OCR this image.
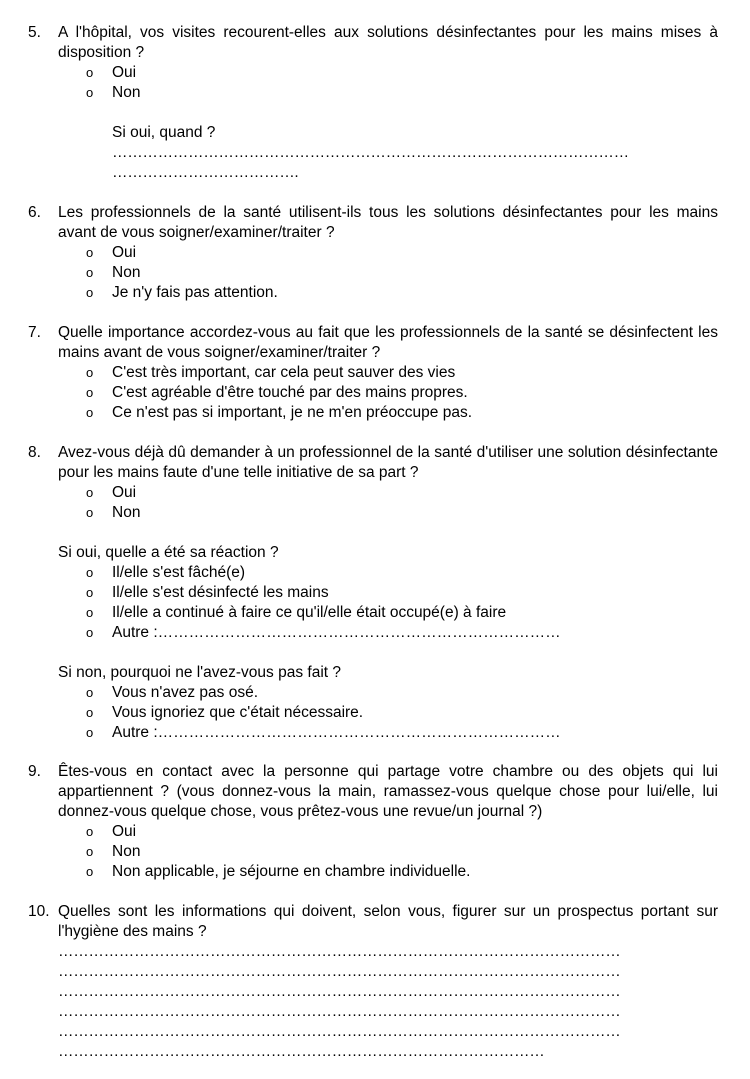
5.	A l'hôpital, vos visites recourent-elles aux solutions désinfectantes pour les mains mises à disposition ?
o	Oui
o	Non
Si oui, quand ?
…………………………………………………………………………………………
……………………………….
6.	Les professionnels de la santé utilisent-ils tous les solutions désinfectantes pour les mains avant de vous soigner/examiner/traiter ?
o	Oui
o	Non
o	Je n'y fais pas attention.
7.	Quelle importance accordez-vous au fait que les professionnels de la santé se désinfectent les mains avant de vous soigner/examiner/traiter ?
o	C'est très important, car cela peut sauver des vies
o	C'est agréable d'être touché par des mains propres.
o	Ce n'est pas si important, je ne m'en préoccupe pas.
8.	Avez-vous déjà dû demander à un professionnel de la santé d'utiliser une solution désinfectante pour les mains faute d'une telle initiative de sa part ?
o	Oui
o	Non
Si oui, quelle a été sa réaction ?
o	Il/elle s'est fâché(e)
o	Il/elle s'est désinfecté les mains
o	Il/elle a continué à faire ce qu'il/elle était occupé(e) à faire
o	Autre :……………………………………………………………………
Si non, pourquoi ne l'avez-vous pas fait ?
o	Vous n'avez pas osé.
o	Vous ignoriez que c'était nécessaire.
o	Autre :……………………………………………………………………
9.	Êtes-vous en contact avec la personne qui partage votre chambre ou des objets qui lui appartiennent ? (vous donnez-vous la main, ramassez-vous quelque chose pour lui/elle, lui donnez-vous quelque chose, vous prêtez-vous une revue/un journal ?)
o	Oui
o	Non
o	Non applicable, je séjourne en chambre individuelle.
10. Quelles sont les informations qui doivent, selon vous, figurer sur un prospectus portant sur l'hygiène des mains ?
…………………………………………………………………………………………………
…………………………………………………………………………………………………
…………………………………………………………………………………………………
…………………………………………………………………………………………………
…………………………………………………………………………………………………
……………………………………………………………………………………
